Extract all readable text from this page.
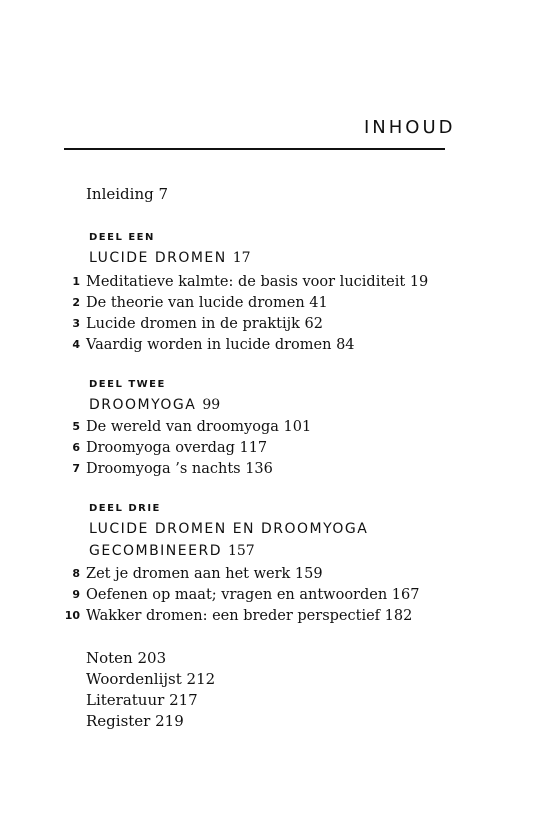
INHOUD
Inleiding 7
DEEL EEN
LUCIDE DROMEN 17
1 Meditatieve kalmte: de basis voor luciditeit 19
2 De theorie van lucide dromen 41
3 Lucide dromen in de praktijk 62
4 Vaardig worden in lucide dromen 84
DEEL TWEE
DROOMYOGA 99
5 De wereld van droomyoga 101
6 Droomyoga overdag 117
7 Droomyoga ’s nachts 136
DEEL DRIE
LUCIDE DROMEN EN DROOMYOGA
GECOMBINEERD 157
8 Zet je dromen aan het werk 159
9 Oefenen op maat; vragen en antwoorden 167
10 Wakker dromen: een breder perspectief 182
Noten 203
Woordenlijst 212
Literatuur 217
Register 219
